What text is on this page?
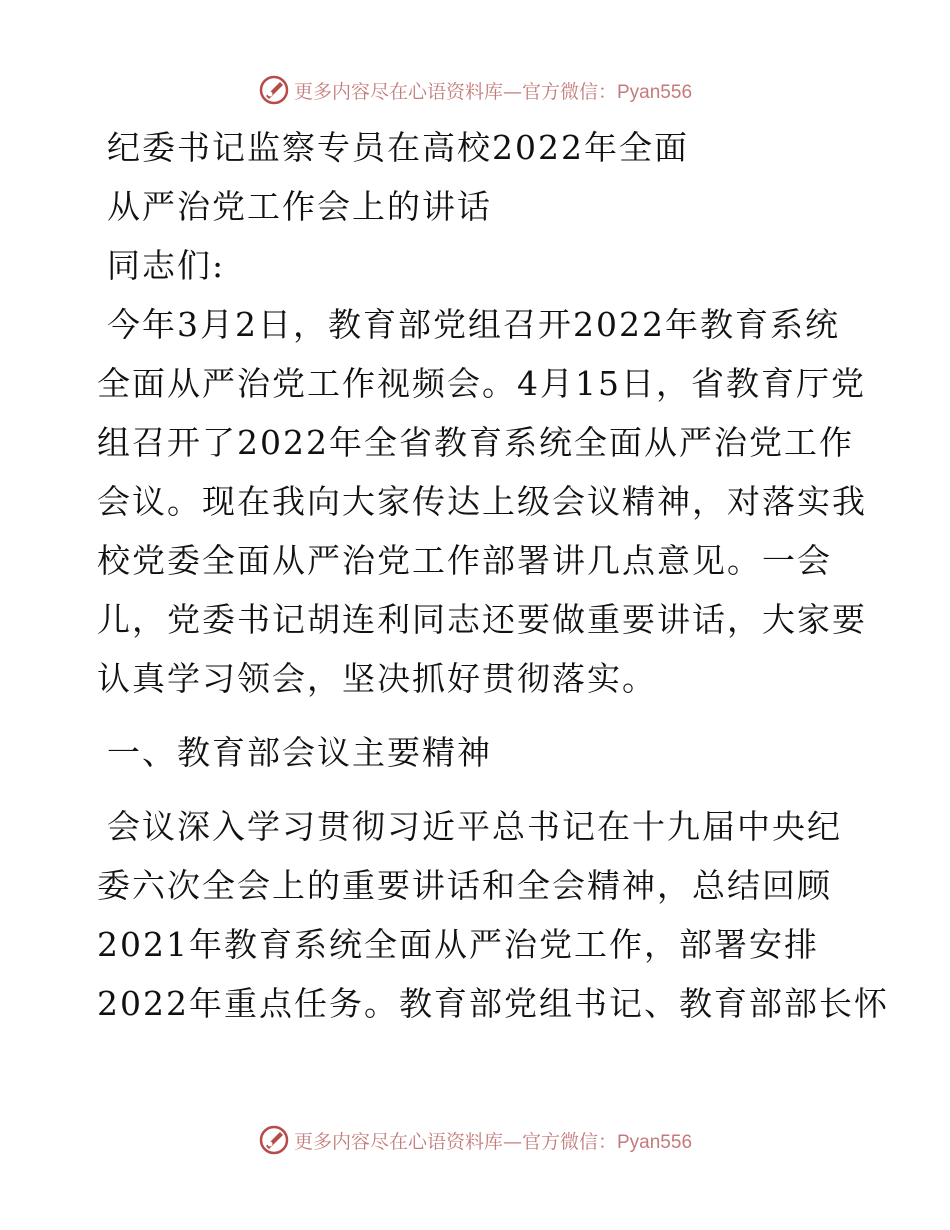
更多内容尽在心语资料库—官方微信：Pyan556
纪委书记监察专员在高校2022年全面
从严治党工作会上的讲话
同志们:
今年3月2日，教育部党组召开2022年教育系统
全面从严治党工作视频会。4月15日，省教育厅党
组召开了2022年全省教育系统全面从严治党工作
会议。现在我向大家传达上级会议精神，对落实我
校党委全面从严治党工作部署讲几点意见。一会
儿，党委书记胡连利同志还要做重要讲话，大家要
认真学习领会，坚决抓好贯彻落实。
一、教育部会议主要精神
会议深入学习贯彻习近平总书记在十九届中央纪
委六次全会上的重要讲话和全会精神，总结回顾
2021年教育系统全面从严治党工作，部署安排
2022年重点任务。教育部党组书记、教育部部长怀
更多内容尽在心语资料库—官方微信：Pyan556
